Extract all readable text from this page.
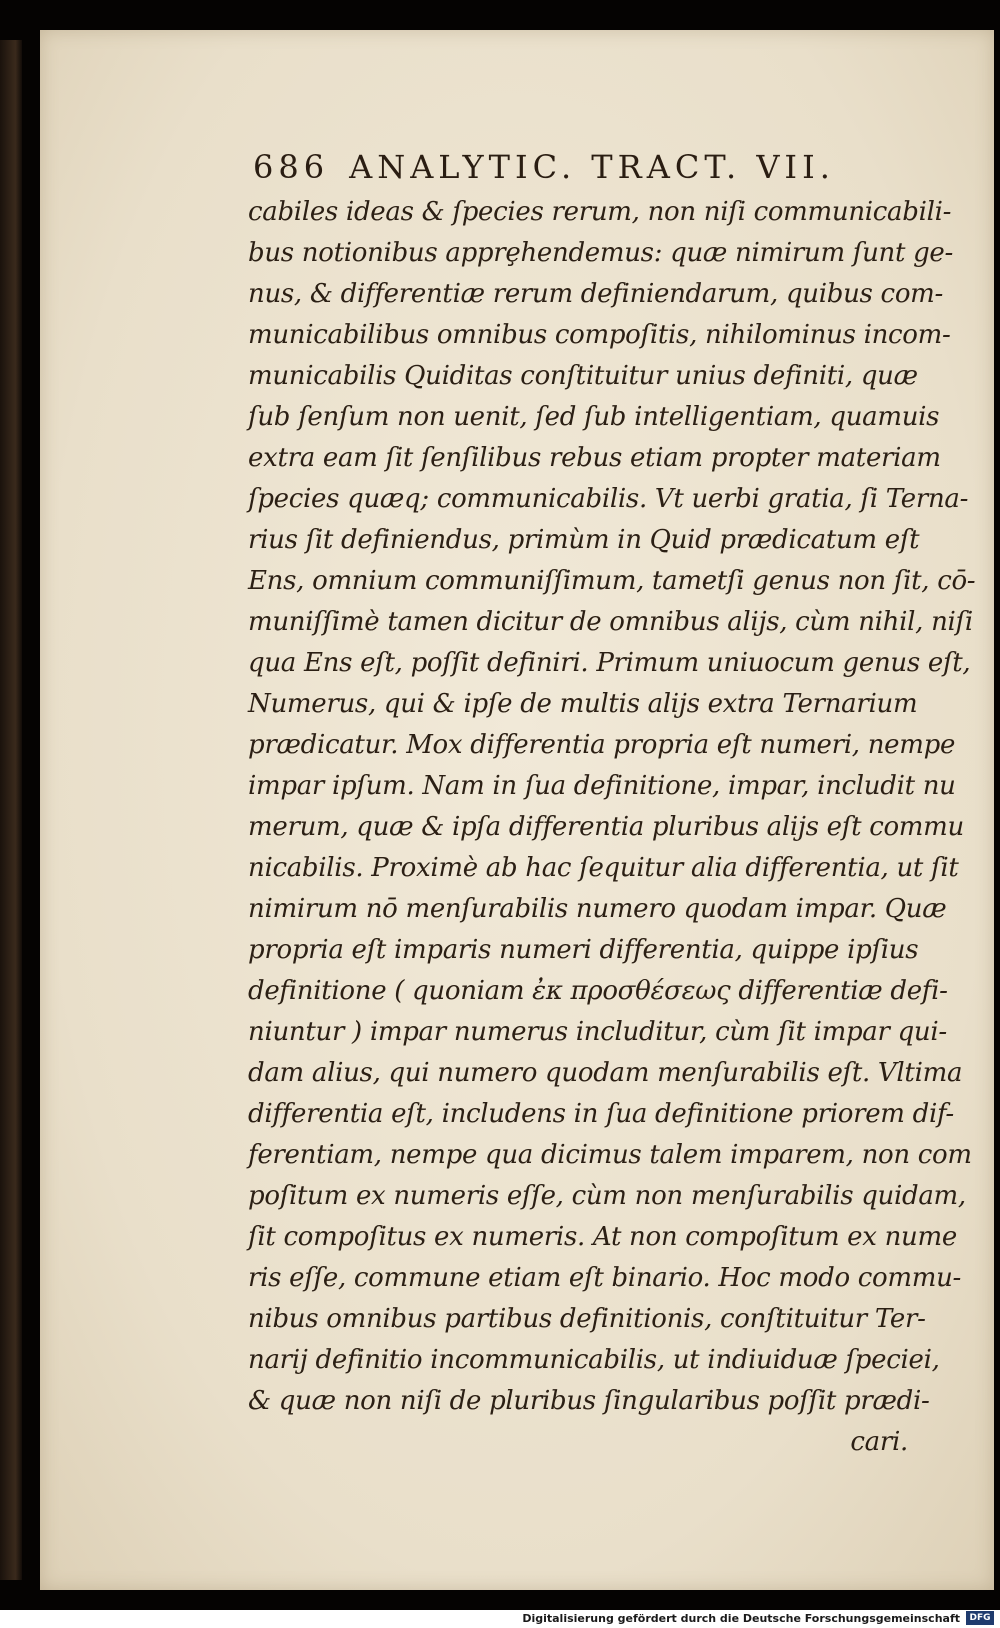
686 ANALYTIC. TRACT. VII.
cabiles ideas & ſpecies rerum, non niſi communicabili-
bus notionibus apprȩhendemus: quæ nimirum ſunt ge-
nus, & differentiæ rerum definiendarum, quibus com-
municabilibus omnibus compoſitis, nihilominus incom-
municabilis Quiditas conſtituitur unius definiti, quæ
ſub ſenſum non uenit, ſed ſub intelligentiam, quamuis
extra eam ſit ſenſilibus rebus etiam propter materiam
ſpecies quæq; communicabilis. Vt uerbi gratia, ſi Terna-
rius ſit definiendus, primùm in Quid prædicatum eſt
Ens, omnium communiſſimum, tametſi genus non ſit, cō-
muniſſimè tamen dicitur de omnibus alijs, cùm nihil, niſi
qua Ens eſt, poſſit definiri. Primum uniuocum genus eſt,
Numerus, qui & ipſe de multis alijs extra Ternarium
prædicatur. Mox differentia propria eſt numeri, nempe
impar ipſum. Nam in ſua definitione, impar, includit nu
merum, quæ & ipſa differentia pluribus alijs eſt commu
nicabilis. Proximè ab hac ſequitur alia differentia, ut ſit
nimirum nō menſurabilis numero quodam impar. Quæ
propria eſt imparis numeri differentia, quippe ipſius
definitione ( quoniam ἐκ προσθέσεως differentiæ defi-
niuntur ) impar numerus includitur, cùm ſit impar qui-
dam alius, qui numero quodam menſurabilis eſt. Vltima
differentia eſt, includens in ſua definitione priorem dif-
ferentiam, nempe qua dicimus talem imparem, non com
poſitum ex numeris eſſe, cùm non menſurabilis quidam,
ſit compoſitus ex numeris. At non compoſitum ex nume
ris eſſe, commune etiam eſt binario. Hoc modo commu-
nibus omnibus partibus definitionis, conſtituitur Ter-
narij definitio incommunicabilis, ut indiuiduæ ſpeciei,
& quæ non niſi de pluribus ſingularibus poſſit prædi-
cari.
Digitalisierung gefördert durch die Deutsche Forschungsgemeinschaft	DFG
